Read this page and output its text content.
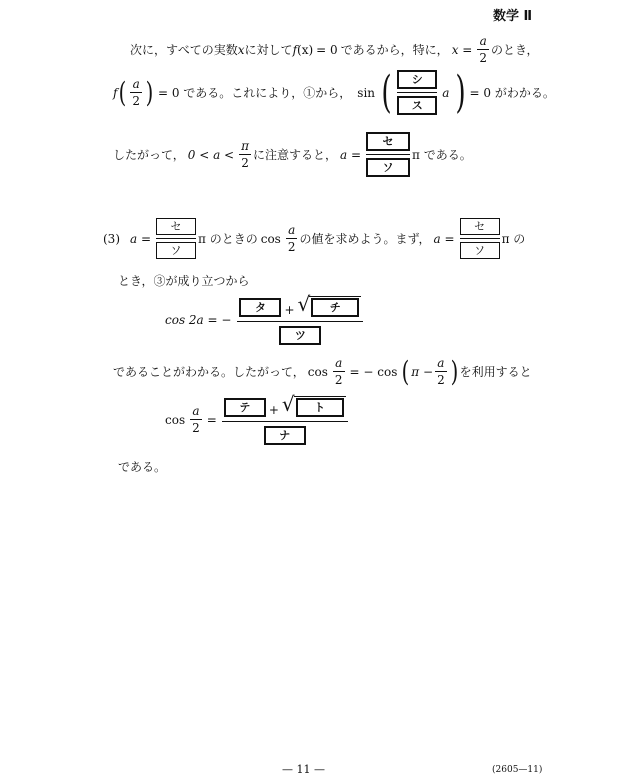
数学 Ⅱ
次に，すべての実数 x に対して f (x) = 0 であるから，特に， $x = \frac{a}{2}$ のとき，
f ( $\frac{a}{2}$ ) = 0 である。これにより，①から， sin ( $\frac{\text{シ}}{\text{ス}}$ a ) = 0 がわかる。
したがって， $0 < a < \frac{\pi}{2}$ に注意すると， $a = \frac{\text{セ}}{\text{ソ}}$ π である。
(3) $a = \frac{\text{セ}}{\text{ソ}}$ π のときの $\cos \frac{a}{2}$ の値を求めよう。まず， $a = \frac{\text{セ}}{\text{ソ}}$ π の
とき，③が成り立つから
cos 2a = − タ	+ √	チ
ツ
であることがわかる。したがって， $\cos \frac{a}{2}$ = − cos ( $\pi - \frac{a}{2}$ ) を利用すると
$\cos \frac{a}{2}$ = テ	+ √	ト
ナ
である。
— 11 —	(2605—11)
